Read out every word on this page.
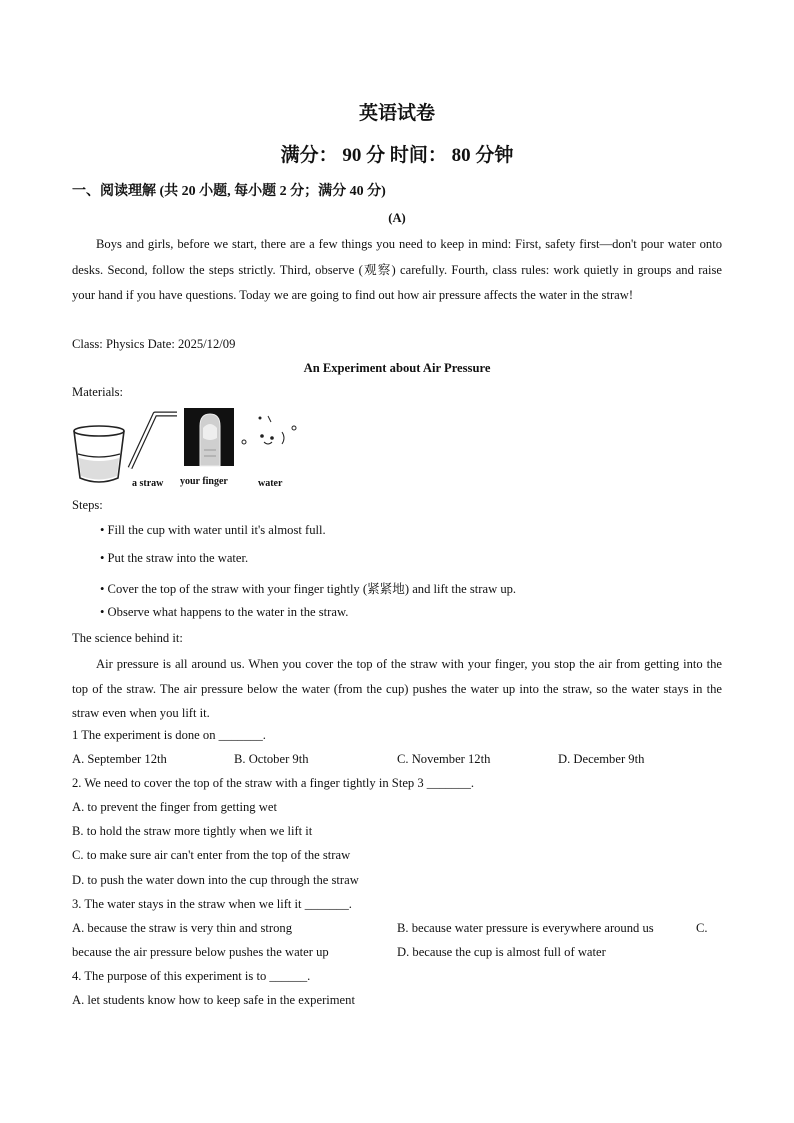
英语试卷
满分： 90 分 时间： 80 分钟
一、阅读理解 (共 20 小题, 每小题 2 分；满分 40 分)
(A)
Boys and girls, before we start, there are a few things you need to keep in mind: First, safety first—don't pour water onto desks. Second, follow the steps strictly. Third, observe (观察) carefully. Fourth, class rules: work quietly in groups and raise your hand if you have questions. Today we are going to find out how air pressure affects the water in the straw!
Class: Physics Date: 2025/12/09
An Experiment about Air Pressure
Materials:
a straw your finger	water
Steps:
• Fill the cup with water until it's almost full.
• Put the straw into the water.
• Cover the top of the straw with your finger tightly (紧紧地) and lift the straw up.
• Observe what happens to the water in the straw.
The science behind it:
Air pressure is all around us. When you cover the top of the straw with your finger, you stop the air from getting into the top of the straw. The air pressure below the water (from the cup) pushes the water up into the straw, so the water stays in the straw even when you lift it.
1 The experiment is done on _______.
A. September 12th	B. October 9th	C. November 12th	D. December 9th
2. We need to cover the top of the straw with a finger tightly in Step 3 _______.
A. to prevent the finger from getting wet
B. to hold the straw more tightly when we lift it
C. to make sure air can't enter from the top of the straw
D. to push the water down into the cup through the straw
3. The water stays in the straw when we lift it _______.
A. because the straw is very thin and strong	B. because water pressure is everywhere around us	C.
because the air pressure below pushes the water up	D. because the cup is almost full of water
4. The purpose of this experiment is to ______.
A. let students know how to keep safe in the experiment
